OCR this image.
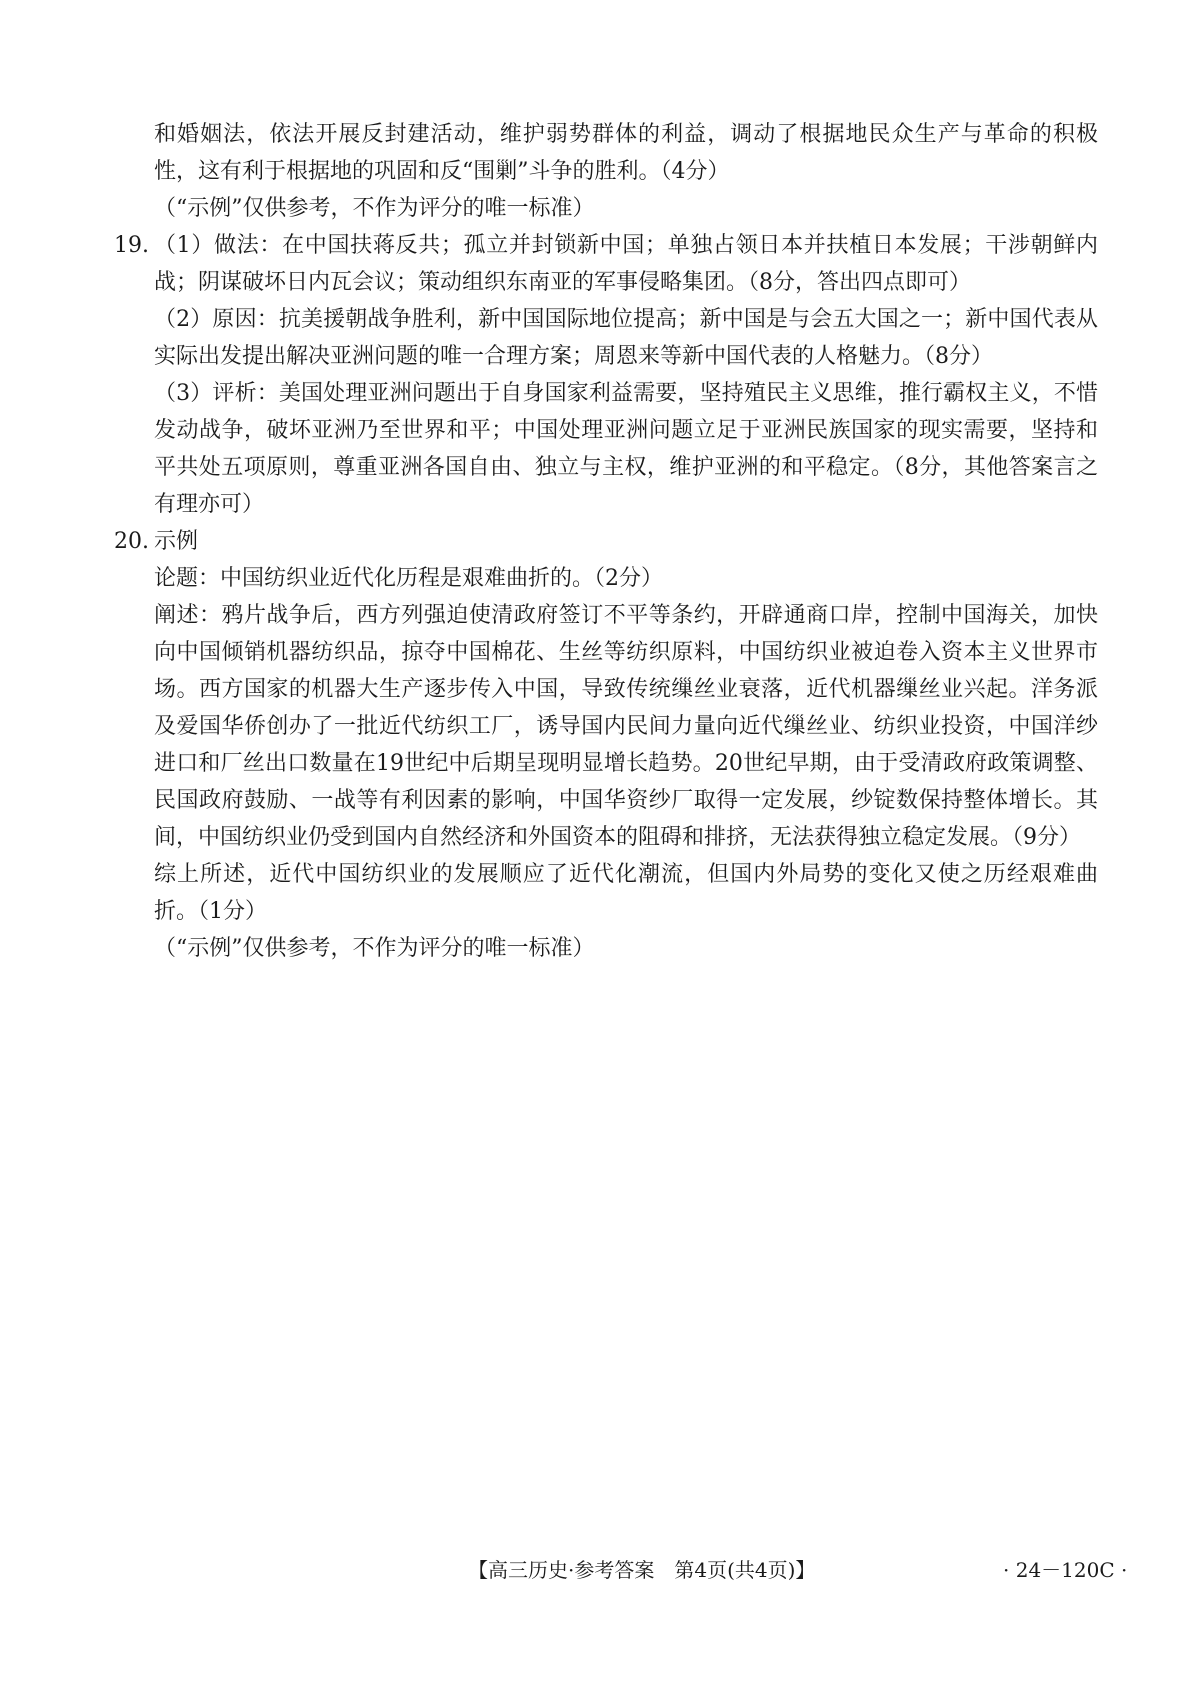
和婚姻法，依法开展反封建活动，维护弱势群体的利益，调动了根据地民众生产与革命的积极性，这有利于根据地的巩固和反“围剿”斗争的胜利。（4分）

（“示例”仅供参考，不作为评分的唯一标准）

19. （1）做法：在中国扶蒋反共；孤立并封锁新中国；单独占领日本并扶植日本发展；干涉朝鲜内战；阴谋破坏日内瓦会议；策动组织东南亚的军事侵略集团。（8分，答出四点即可）

（2）原因：抗美援朝战争胜利，新中国国际地位提高；新中国是与会五大国之一；新中国代表从实际出发提出解决亚洲问题的唯一合理方案；周恩来等新中国代表的人格魅力。（8分）

（3）评析：美国处理亚洲问题出于自身国家利益需要，坚持殖民主义思维，推行霸权主义，不惜发动战争，破坏亚洲乃至世界和平；中国处理亚洲问题立足于亚洲民族国家的现实需要，坚持和平共处五项原则，尊重亚洲各国自由、独立与主权，维护亚洲的和平稳定。（8分，其他答案言之有理亦可）

20. 示例

论题：中国纺织业近代化历程是艰难曲折的。（2分）

阐述：鸦片战争后，西方列强迫使清政府签订不平等条约，开辟通商口岸，控制中国海关，加快向中国倾销机器纺织品，掠夺中国棉花、生丝等纺织原料，中国纺织业被迫卷入资本主义世界市场。西方国家的机器大生产逐步传入中国，导致传统缫丝业衰落，近代机器缫丝业兴起。洋务派及爱国华侨创办了一批近代纺织工厂，诱导国内民间力量向近代缫丝业、纺织业投资，中国洋纱进口和厂丝出口数量在19世纪中后期呈现明显增长趋势。20世纪早期，由于受清政府政策调整、民国政府鼓励、一战等有利因素的影响，中国华资纱厂取得一定发展，纱锭数保持整体增长。其间，中国纺织业仍受到国内自然经济和外国资本的阻碍和排挤，无法获得独立稳定发展。（9分）

综上所述，近代中国纺织业的发展顺应了近代化潮流，但国内外局势的变化又使之历经艰难曲折。（1分）

（“示例”仅供参考，不作为评分的唯一标准）

【高三历史·参考答案　第4页(共4页)】	· 24－120C ·
